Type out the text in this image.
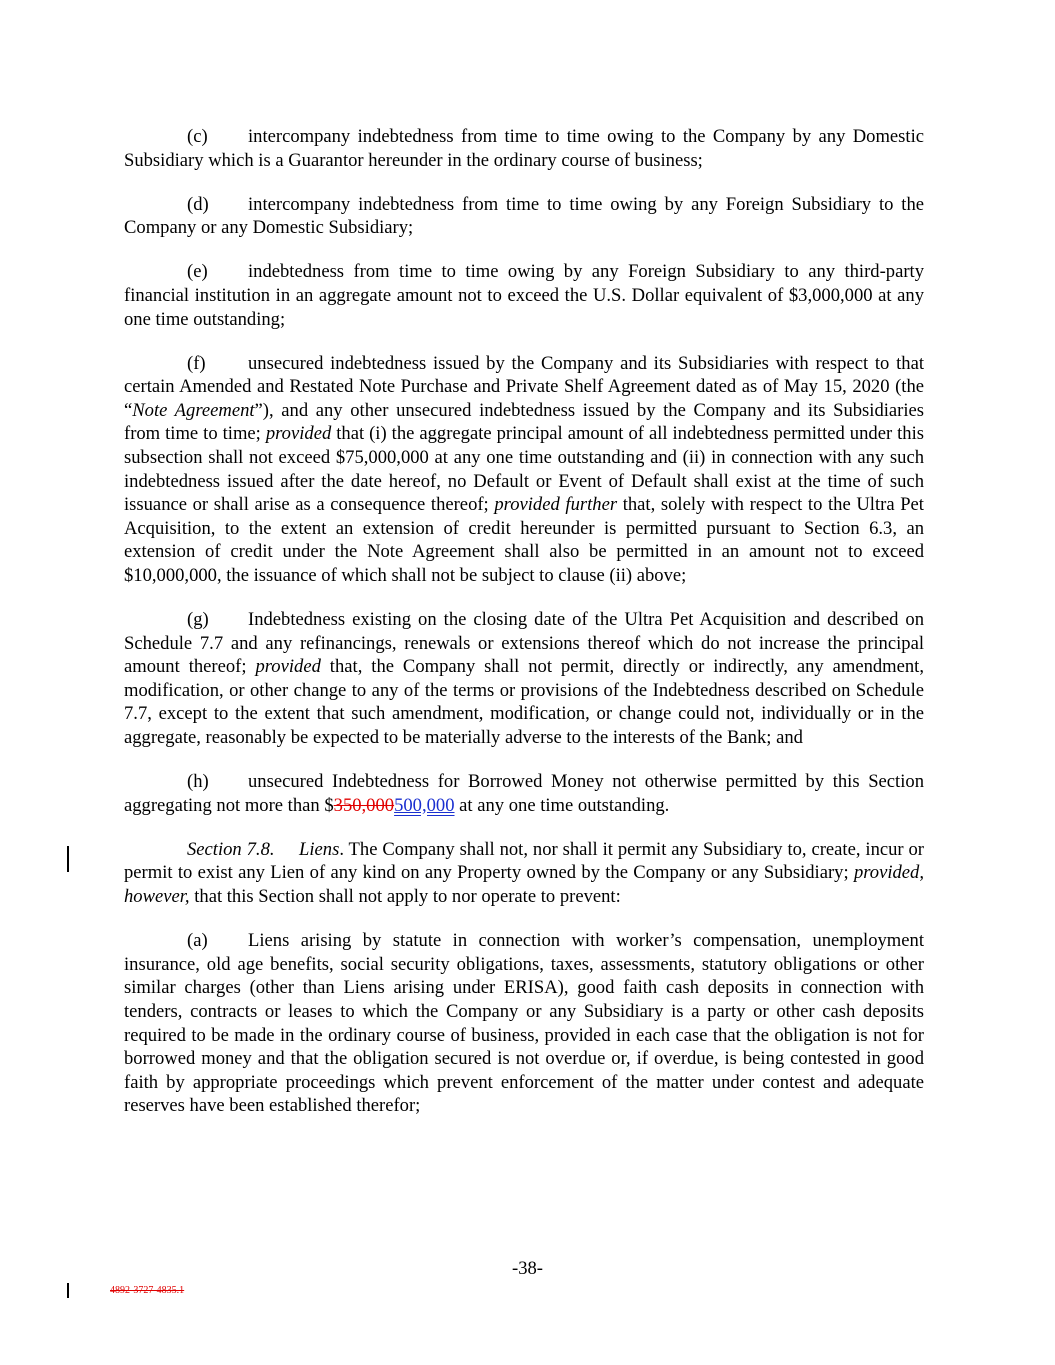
(c) intercompany indebtedness from time to time owing to the Company by any Domestic Subsidiary which is a Guarantor hereunder in the ordinary course of business;
(d) intercompany indebtedness from time to time owing by any Foreign Subsidiary to the Company or any Domestic Subsidiary;
(e) indebtedness from time to time owing by any Foreign Subsidiary to any third-party financial institution in an aggregate amount not to exceed the U.S. Dollar equivalent of $3,000,000 at any one time outstanding;
(f) unsecured indebtedness issued by the Company and its Subsidiaries with respect to that certain Amended and Restated Note Purchase and Private Shelf Agreement dated as of May 15, 2020 (the “Note Agreement”), and any other unsecured indebtedness issued by the Company and its Subsidiaries from time to time; provided that (i) the aggregate principal amount of all indebtedness permitted under this subsection shall not exceed $75,000,000 at any one time outstanding and (ii) in connection with any such indebtedness issued after the date hereof, no Default or Event of Default shall exist at the time of such issuance or shall arise as a consequence thereof; provided further that, solely with respect to the Ultra Pet Acquisition, to the extent an extension of credit hereunder is permitted pursuant to Section 6.3, an extension of credit under the Note Agreement shall also be permitted in an amount not to exceed $10,000,000, the issuance of which shall not be subject to clause (ii) above;
(g) Indebtedness existing on the closing date of the Ultra Pet Acquisition and described on Schedule 7.7 and any refinancings, renewals or extensions thereof which do not increase the principal amount thereof; provided that, the Company shall not permit, directly or indirectly, any amendment, modification, or other change to any of the terms or provisions of the Indebtedness described on Schedule 7.7, except to the extent that such amendment, modification, or change could not, individually or in the aggregate, reasonably be expected to be materially adverse to the interests of the Bank; and
(h) unsecured Indebtedness for Borrowed Money not otherwise permitted by this Section aggregating not more than $350,000500,000 at any one time outstanding.
Section 7.8. Liens. The Company shall not, nor shall it permit any Subsidiary to, create, incur or permit to exist any Lien of any kind on any Property owned by the Company or any Subsidiary; provided, however, that this Section shall not apply to nor operate to prevent:
(a) Liens arising by statute in connection with worker’s compensation, unemployment insurance, old age benefits, social security obligations, taxes, assessments, statutory obligations or other similar charges (other than Liens arising under ERISA), good faith cash deposits in connection with tenders, contracts or leases to which the Company or any Subsidiary is a party or other cash deposits required to be made in the ordinary course of business, provided in each case that the obligation is not for borrowed money and that the obligation secured is not overdue or, if overdue, is being contested in good faith by appropriate proceedings which prevent enforcement of the matter under contest and adequate reserves have been established therefor;
-38-
4892-3727-4835.1
